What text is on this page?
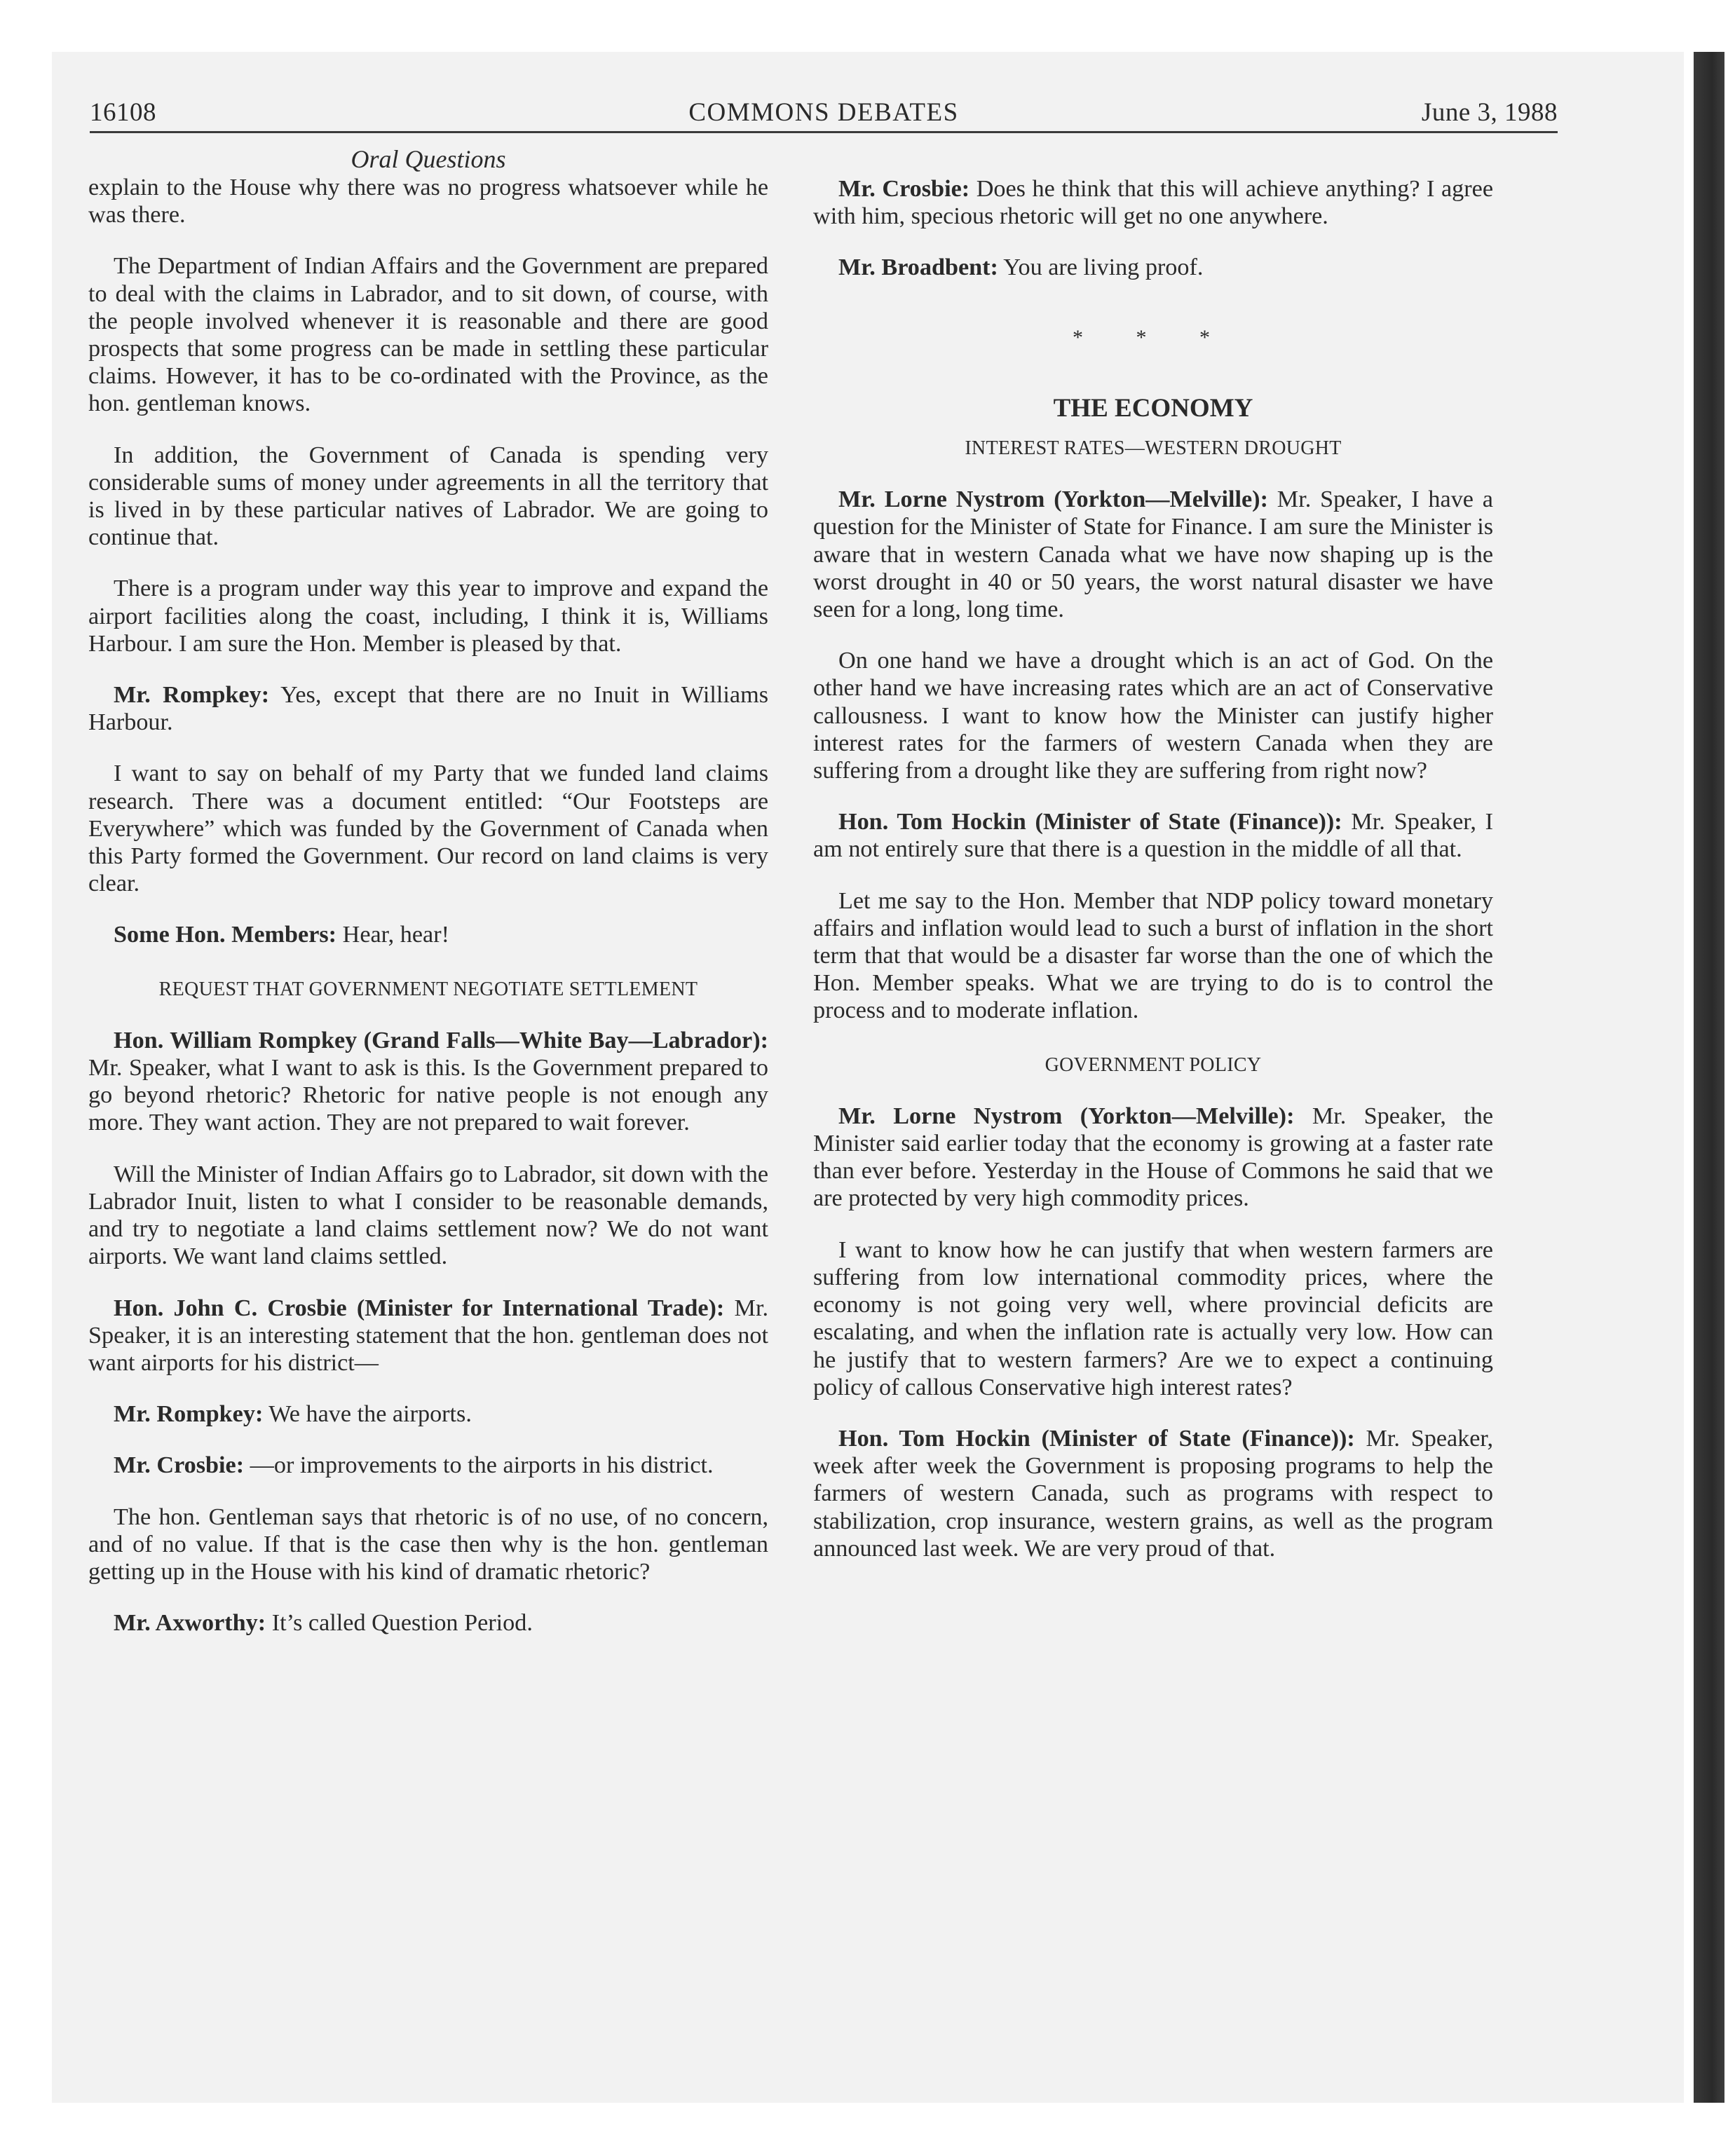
16108	COMMONS DEBATES	June 3, 1988
Oral Questions

explain to the House why there was no progress whatsoever while he was there.

The Department of Indian Affairs and the Government are prepared to deal with the claims in Labrador, and to sit down, of course, with the people involved whenever it is reasonable and there are good prospects that some progress can be made in settling these particular claims. However, it has to be co-ordinated with the Province, as the hon. gentleman knows.

In addition, the Government of Canada is spending very considerable sums of money under agreements in all the territory that is lived in by these particular natives of Labrador. We are going to continue that.

There is a program under way this year to improve and expand the airport facilities along the coast, including, I think it is, Williams Harbour. I am sure the Hon. Member is pleased by that.

Mr. Rompkey: Yes, except that there are no Inuit in Williams Harbour.

I want to say on behalf of my Party that we funded land claims research. There was a document entitled: “Our Footsteps are Everywhere” which was funded by the Government of Canada when this Party formed the Government. Our record on land claims is very clear.

Some Hon. Members: Hear, hear!

REQUEST THAT GOVERNMENT NEGOTIATE SETTLEMENT

Hon. William Rompkey (Grand Falls—White Bay—Labrador): Mr. Speaker, what I want to ask is this. Is the Government prepared to go beyond rhetoric? Rhetoric for native people is not enough any more. They want action. They are not prepared to wait forever.

Will the Minister of Indian Affairs go to Labrador, sit down with the Labrador Inuit, listen to what I consider to be reasonable demands, and try to negotiate a land claims settlement now? We do not want airports. We want land claims settled.

Hon. John C. Crosbie (Minister for International Trade): Mr. Speaker, it is an interesting statement that the hon. gentleman does not want airports for his district—

Mr. Rompkey: We have the airports.

Mr. Crosbie: —or improvements to the airports in his district.

The hon. Gentleman says that rhetoric is of no use, of no concern, and of no value. If that is the case then why is the hon. gentleman getting up in the House with his kind of dramatic rhetoric?

Mr. Axworthy: It’s called Question Period.

Mr. Crosbie: Does he think that this will achieve anything? I agree with him, specious rhetoric will get no one anywhere.

Mr. Broadbent: You are living proof.

* * *

THE ECONOMY

INTEREST RATES—WESTERN DROUGHT

Mr. Lorne Nystrom (Yorkton—Melville): Mr. Speaker, I have a question for the Minister of State for Finance. I am sure the Minister is aware that in western Canada what we have now shaping up is the worst drought in 40 or 50 years, the worst natural disaster we have seen for a long, long time.

On one hand we have a drought which is an act of God. On the other hand we have increasing rates which are an act of Conservative callousness. I want to know how the Minister can justify higher interest rates for the farmers of western Canada when they are suffering from a drought like they are suffering from right now?

Hon. Tom Hockin (Minister of State (Finance)): Mr. Speaker, I am not entirely sure that there is a question in the middle of all that.

Let me say to the Hon. Member that NDP policy toward monetary affairs and inflation would lead to such a burst of inflation in the short term that that would be a disaster far worse than the one of which the Hon. Member speaks. What we are trying to do is to control the process and to moderate inflation.

GOVERNMENT POLICY

Mr. Lorne Nystrom (Yorkton—Melville): Mr. Speaker, the Minister said earlier today that the economy is growing at a faster rate than ever before. Yesterday in the House of Commons he said that we are protected by very high commodity prices.

I want to know how he can justify that when western farmers are suffering from low international commodity prices, where the economy is not going very well, where provincial deficits are escalating, and when the inflation rate is actually very low. How can he justify that to western farmers? Are we to expect a continuing policy of callous Conservative high interest rates?

Hon. Tom Hockin (Minister of State (Finance)): Mr. Speaker, week after week the Government is proposing programs to help the farmers of western Canada, such as programs with respect to stabilization, crop insurance, western grains, as well as the program announced last week. We are very proud of that.
